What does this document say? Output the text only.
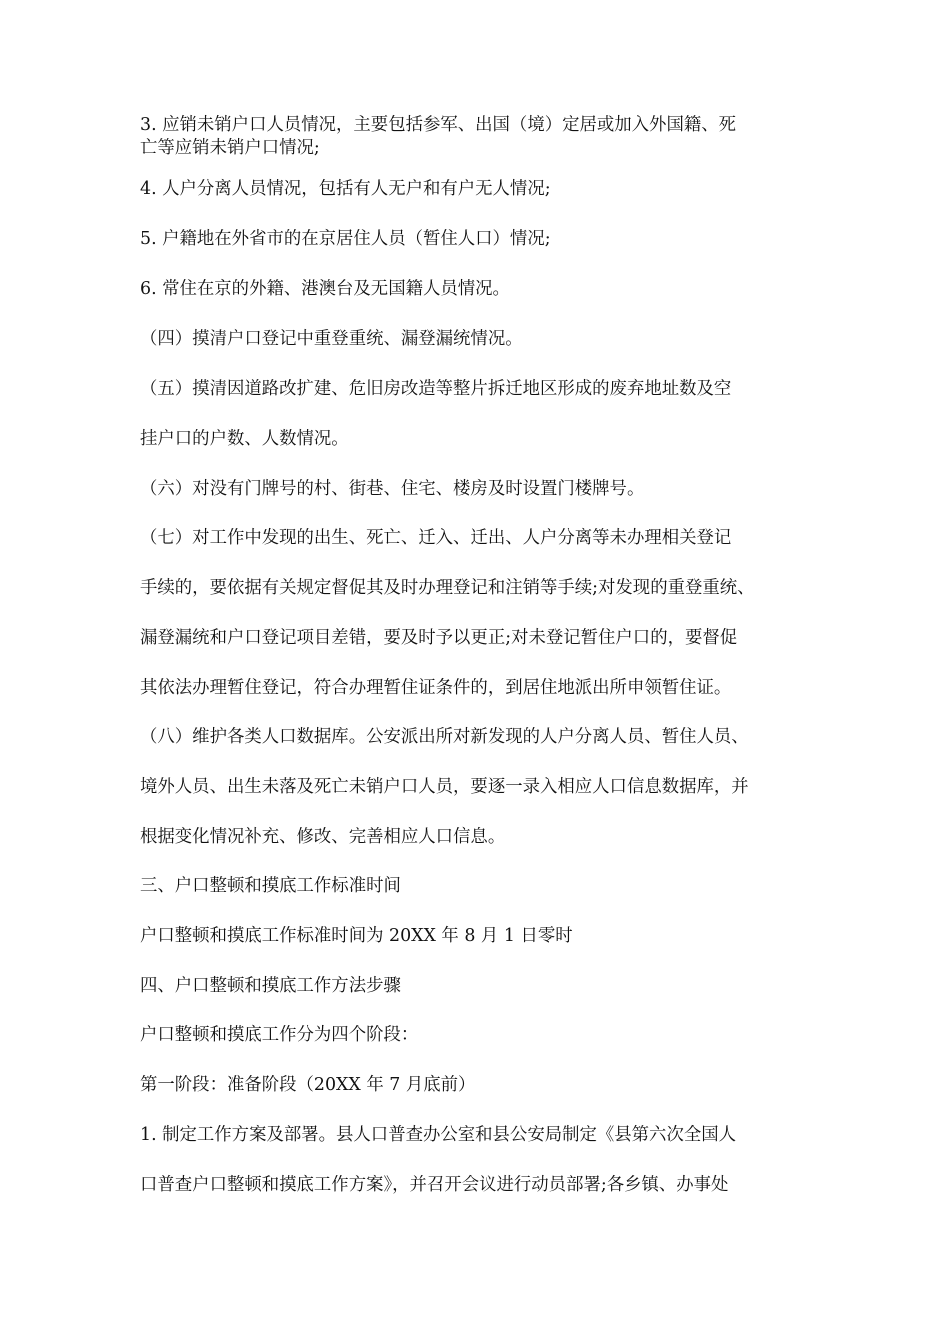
3. 应销未销户口人员情况，主要包括参军、出国（境）定居或加入外国籍、死
亡等应销未销户口情况;
4. 人户分离人员情况，包括有人无户和有户无人情况;
5. 户籍地在外省市的在京居住人员（暂住人口）情况;
6. 常住在京的外籍、港澳台及无国籍人员情况。
（四）摸清户口登记中重登重统、漏登漏统情况。
（五）摸清因道路改扩建、危旧房改造等整片拆迁地区形成的废弃地址数及空
挂户口的户数、人数情况。
（六）对没有门牌号的村、街巷、住宅、楼房及时设置门楼牌号。
（七）对工作中发现的出生、死亡、迁入、迁出、人户分离等未办理相关登记
手续的，要依据有关规定督促其及时办理登记和注销等手续;对发现的重登重统、
漏登漏统和户口登记项目差错，要及时予以更正;对未登记暂住户口的，要督促
其依法办理暂住登记，符合办理暂住证条件的，到居住地派出所申领暂住证。
（八）维护各类人口数据库。公安派出所对新发现的人户分离人员、暂住人员、
境外人员、出生未落及死亡未销户口人员，要逐一录入相应人口信息数据库，并
根据变化情况补充、修改、完善相应人口信息。
三、户口整顿和摸底工作标准时间
户口整顿和摸底工作标准时间为 20XX 年 8 月 1 日零时
四、户口整顿和摸底工作方法步骤
户口整顿和摸底工作分为四个阶段：
第一阶段：准备阶段（20XX 年 7 月底前）
1. 制定工作方案及部署。县人口普查办公室和县公安局制定《县第六次全国人
口普查户口整顿和摸底工作方案》，并召开会议进行动员部署;各乡镇、办事处
